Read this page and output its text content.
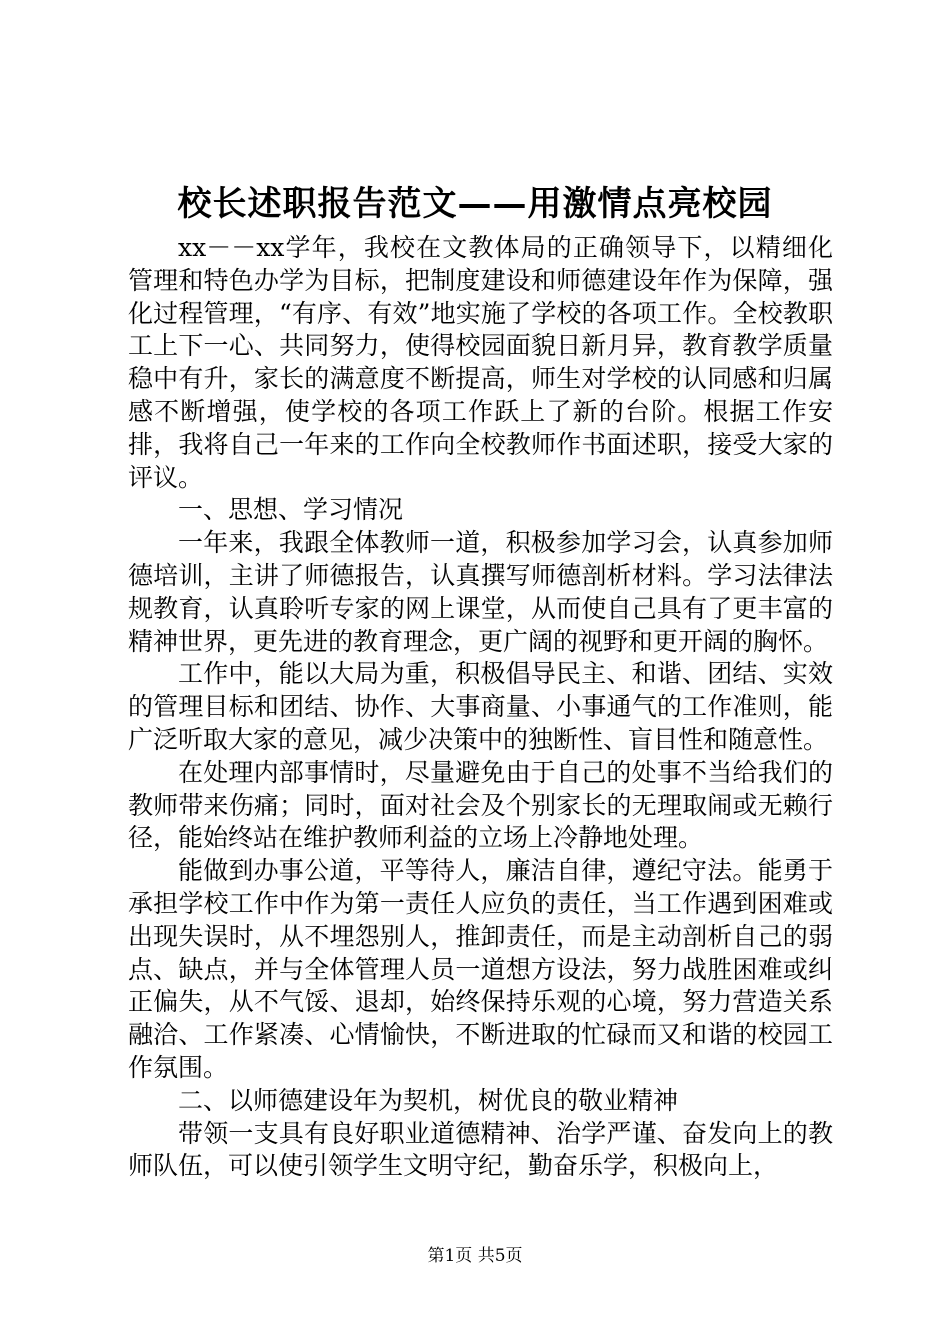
校长述职报告范文——用激情点亮校园

xx－－xx学年，我校在文教体局的正确领导下，以精细化管理和特色办学为目标，把制度建设和师德建设年作为保障，强化过程管理，“有序、有效”地实施了学校的各项工作。全校教职工上下一心、共同努力，使得校园面貌日新月异，教育教学质量稳中有升，家长的满意度不断提高，师生对学校的认同感和归属感不断增强，使学校的各项工作跃上了新的台阶。根据工作安排，我将自己一年来的工作向全校教师作书面述职，接受大家的评议。

一、思想、学习情况

一年来，我跟全体教师一道，积极参加学习会，认真参加师德培训，主讲了师德报告，认真撰写师德剖析材料。学习法律法规教育，认真聆听专家的网上课堂，从而使自己具有了更丰富的精神世界，更先进的教育理念，更广阔的视野和更开阔的胸怀。

工作中，能以大局为重，积极倡导民主、和谐、团结、实效的管理目标和团结、协作、大事商量、小事通气的工作准则，能广泛听取大家的意见，减少决策中的独断性、盲目性和随意性。

在处理内部事情时，尽量避免由于自己的处事不当给我们的教师带来伤痛；同时，面对社会及个别家长的无理取闹或无赖行径，能始终站在维护教师利益的立场上冷静地处理。

能做到办事公道，平等待人，廉洁自律，遵纪守法。能勇于承担学校工作中作为第一责任人应负的责任，当工作遇到困难或出现失误时，从不埋怨别人，推卸责任，而是主动剖析自己的弱点、缺点，并与全体管理人员一道想方设法，努力战胜困难或纠正偏失，从不气馁、退却，始终保持乐观的心境，努力营造关系融洽、工作紧凑、心情愉快，不断进取的忙碌而又和谐的校园工作氛围。

二、以师德建设年为契机，树优良的敬业精神

带领一支具有良好职业道德精神、治学严谨、奋发向上的教师队伍，可以使引领学生文明守纪，勤奋乐学，积极向上，

第1页 共5页
